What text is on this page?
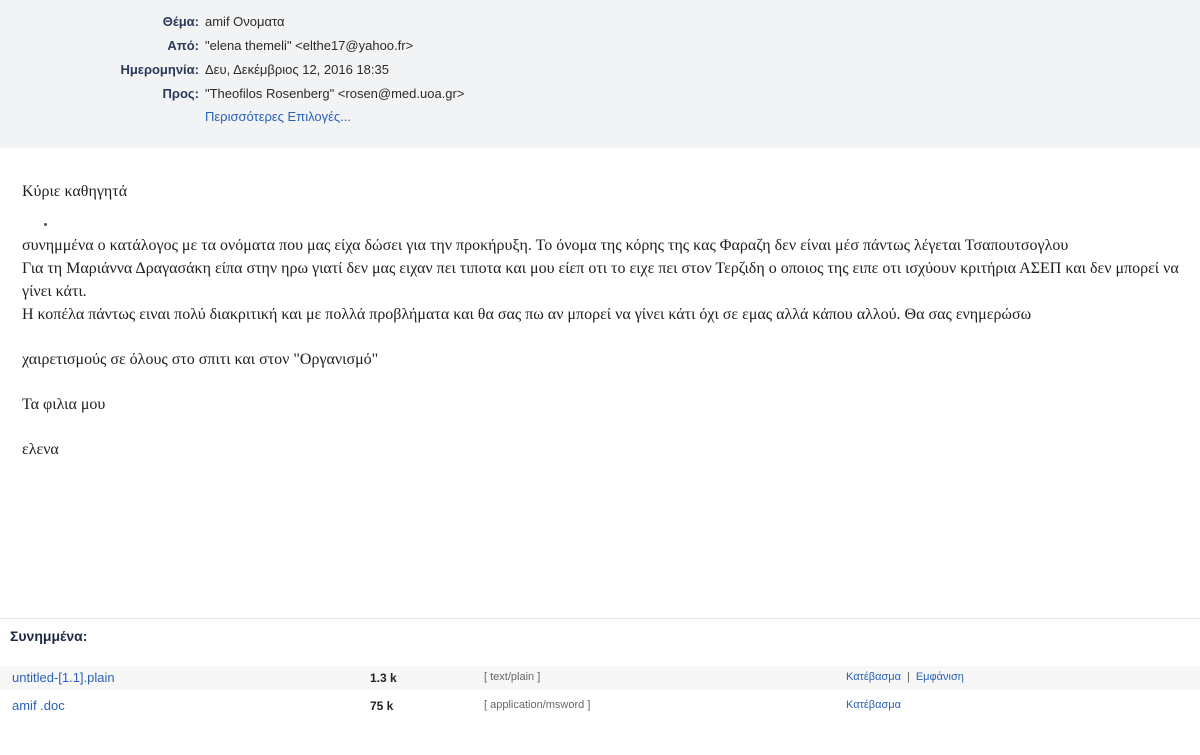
Θέμα: amif Ονοματα
Από: "elena themeli" <elthe17@yahoo.fr>
Ημερομηνία: Δευ, Δεκέμβριος 12, 2016 18:35
Προς: "Theofilos Rosenberg" <rosen@med.uoa.gr>
Περισσότερες Επιλογές...

Κύριε καθηγητά

συνημμένα ο κατάλογος με τα ονόματα που μας είχα δώσει για την προκήρυξη. Το όνομα της κόρης της κας Φαραζη δεν είναι μέσ πάντως λέγεται Τσαπουτσογλου

Για τη Μαριάννα Δραγασάκη είπα στην ηρω γιατί δεν μας ειχαν πει τιποτα και μου είεπ οτι το ειχε πει στον Τερζιδη ο οποιος της ειπε οτι ισχύουν κριτήρια ΑΣΕΠ και δεν μπορεί να γίνει κάτι.

Η κοπέλα πάντως ειναι πολύ διακριτική και με πολλά προβλήματα και θα σας πω αν μπορεί να γίνει κάτι όχι σε εμας αλλά κάπου αλλού. Θα σας ενημερώσω

χαιρετισμούς σε όλους στο σπιτι και στον "Οργανισμό"

Τα φιλια μου

ελενα

Συνημμένα:
untitled-[1.1].plain	1.3 k	[ text/plain ]	Κατέβασμα | Εμφάνιση
amif .doc	75 k	[ application/msword ]	Κατέβασμα
